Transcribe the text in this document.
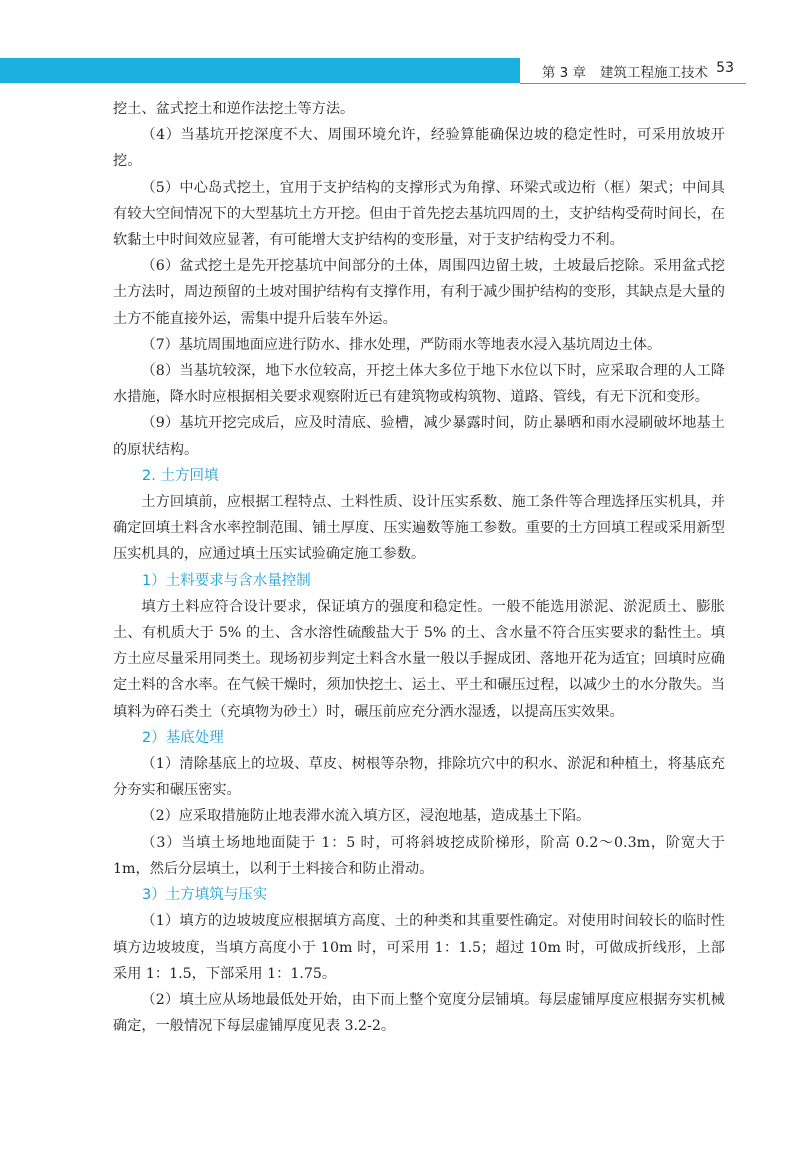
第 3 章 建筑工程施工技术 53

挖土、盆式挖土和逆作法挖土等方法。

（4）当基坑开挖深度不大、周围环境允许，经验算能确保边坡的稳定性时，可采用放坡开挖。

（5）中心岛式挖土，宜用于支护结构的支撑形式为角撑、环梁式或边桁（框）架式；中间具有较大空间情况下的大型基坑土方开挖。但由于首先挖去基坑四周的土，支护结构受荷时间长，在软黏土中时间效应显著，有可能增大支护结构的变形量，对于支护结构受力不利。

（6）盆式挖土是先开挖基坑中间部分的土体，周围四边留土坡，土坡最后挖除。采用盆式挖土方法时，周边预留的土坡对围护结构有支撑作用，有利于减少围护结构的变形，其缺点是大量的土方不能直接外运，需集中提升后装车外运。

（7）基坑周围地面应进行防水、排水处理，严防雨水等地表水浸入基坑周边土体。

（8）当基坑较深，地下水位较高，开挖土体大多位于地下水位以下时，应采取合理的人工降水措施，降水时应根据相关要求观察附近已有建筑物或构筑物、道路、管线，有无下沉和变形。

（9）基坑开挖完成后，应及时清底、验槽，减少暴露时间，防止暴晒和雨水浸刷破坏地基土的原状结构。

2. 土方回填

土方回填前，应根据工程特点、土料性质、设计压实系数、施工条件等合理选择压实机具，并确定回填土料含水率控制范围、铺土厚度、压实遍数等施工参数。重要的土方回填工程或采用新型压实机具的，应通过填土压实试验确定施工参数。

1）土料要求与含水量控制

填方土料应符合设计要求，保证填方的强度和稳定性。一般不能选用淤泥、淤泥质土、膨胀土、有机质大于 5% 的土、含水溶性硫酸盐大于 5% 的土、含水量不符合压实要求的黏性土。填方土应尽量采用同类土。现场初步判定土料含水量一般以手握成团、落地开花为适宜；回填时应确定土料的含水率。在气候干燥时，须加快挖土、运土、平土和碾压过程，以减少土的水分散失。当填料为碎石类土（充填物为砂土）时，碾压前应充分洒水湿透，以提高压实效果。

2）基底处理

（1）清除基底上的垃圾、草皮、树根等杂物，排除坑穴中的积水、淤泥和种植土，将基底充分夯实和碾压密实。

（2）应采取措施防止地表滞水流入填方区，浸泡地基，造成基土下陷。

（3）当填土场地地面陡于 1：5 时，可将斜坡挖成阶梯形，阶高 0.2～0.3m，阶宽大于 1m，然后分层填土，以利于土料接合和防止滑动。

3）土方填筑与压实

（1）填方的边坡坡度应根据填方高度、土的种类和其重要性确定。对使用时间较长的临时性填方边坡坡度，当填方高度小于 10m 时，可采用 1：1.5；超过 10m 时，可做成折线形，上部采用 1：1.5，下部采用 1：1.75。

（2）填土应从场地最低处开始，由下而上整个宽度分层铺填。每层虚铺厚度应根据夯实机械确定，一般情况下每层虚铺厚度见表 3.2-2。
